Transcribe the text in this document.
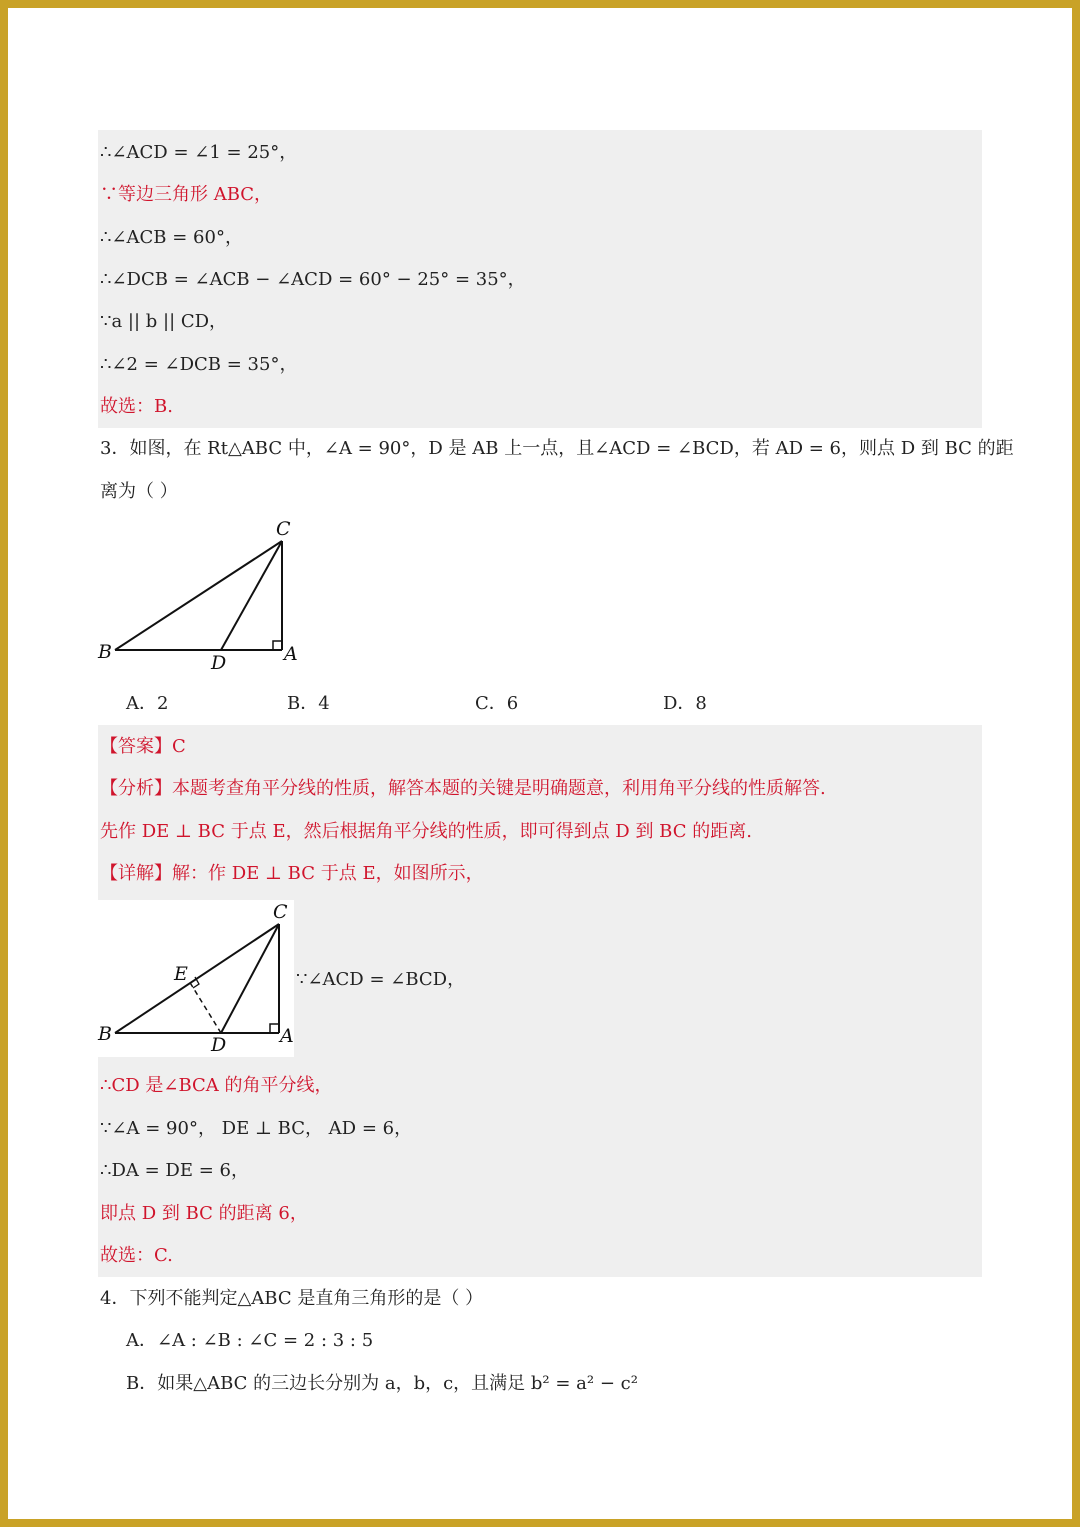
∴∠ACD = ∠1 = 25°，
∵等边三角形 ABC，
∴∠ACB = 60°，
∴∠DCB = ∠ACB − ∠ACD = 60° − 25° = 35°，
∵a || b || CD，
∴∠2 = ∠DCB = 35°，
故选：B.
3．如图，在 Rt△ABC 中，∠A = 90°，D 是 AB 上一点，且∠ACD = ∠BCD，若 AD = 6，则点 D 到 BC 的距
离为（ ）
C
B	D	A
A．2	B．4	C．6	D．8
【答案】C
【分析】本题考查角平分线的性质，解答本题的关键是明确题意，利用角平分线的性质解答.
先作 DE ⊥ BC 于点 E，然后根据角平分线的性质，即可得到点 D 到 BC 的距离.
【详解】解：作 DE ⊥ BC 于点 E，如图所示，
C
E
B	D	A
∵∠ACD = ∠BCD，
∴CD 是∠BCA 的角平分线，
∵∠A = 90°， DE ⊥ BC， AD = 6，
∴DA = DE = 6，
即点 D 到 BC 的距离 6，
故选：C.
4．下列不能判定△ABC 是直角三角形的是（ ）
A．∠A : ∠B : ∠C = 2 : 3 : 5
B．如果△ABC 的三边长分别为 a，b，c，且满足 b² = a² − c²
